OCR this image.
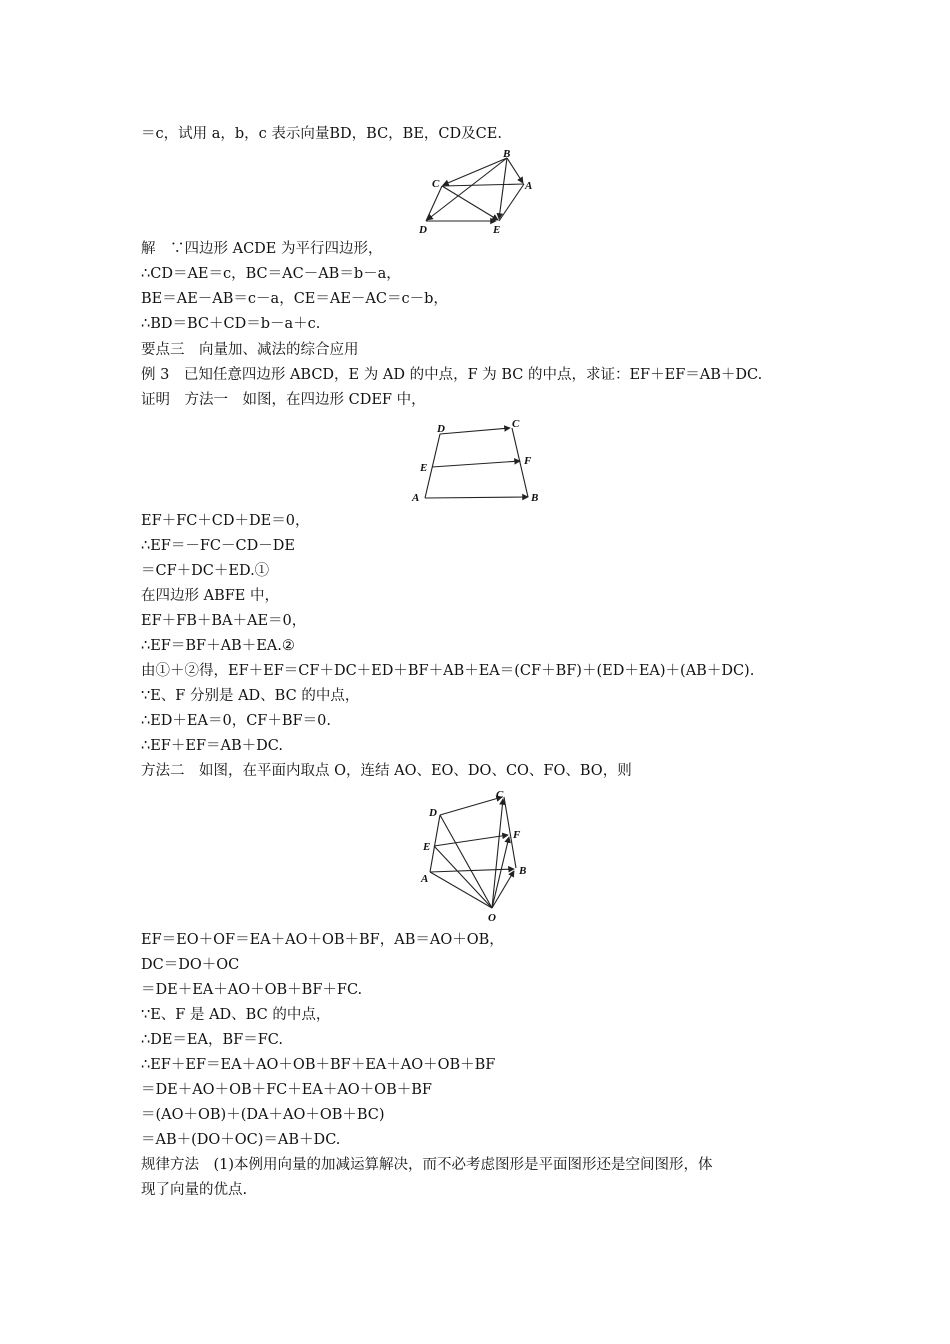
＝c，试用 a，b，c 表示向量BD，BC，BE，CD及CE.
B
C	A
D	E
解　∵四边形 ACDE 为平行四边形，
∴CD＝AE＝c，BC＝AC－AB＝b－a，
BE＝AE－AB＝c－a，CE＝AE－AC＝c－b，
∴BD＝BC＋CD＝b－a＋c.
要点三　向量加、减法的综合应用
例 3　已知任意四边形 ABCD，E 为 AD 的中点，F 为 BC 的中点，求证：EF＋EF＝AB＋DC.
证明　方法一　如图，在四边形 CDEF 中，
D	C
E
F
A	B
EF＋FC＋CD＋DE＝0，
∴EF＝－FC－CD－DE
＝CF＋DC＋ED.①
在四边形 ABFE 中，
EF＋FB＋BA＋AE＝0，
∴EF＝BF＋AB＋EA.②
由①＋②得，EF＋EF＝CF＋DC＋ED＋BF＋AB＋EA＝(CF＋BF)＋(ED＋EA)＋(AB＋DC).
∵E、F 分别是 AD、BC 的中点，
∴ED＋EA＝0，CF＋BF＝0.
∴EF＋EF＝AB＋DC.
方法二　如图，在平面内取点 O，连结 AO、EO、DO、CO、FO、BO，则
D
C
F
E
B
A
O
EF＝EO＋OF＝EA＋AO＋OB＋BF，AB＝AO＋OB，
DC＝DO＋OC
＝DE＋EA＋AO＋OB＋BF＋FC.
∵E、F 是 AD、BC 的中点，
∴DE＝EA，BF＝FC.
∴EF＋EF＝EA＋AO＋OB＋BF＋EA＋AO＋OB＋BF
＝DE＋AO＋OB＋FC＋EA＋AO＋OB＋BF
＝(AO＋OB)＋(DA＋AO＋OB＋BC)
＝AB＋(DO＋OC)＝AB＋DC.
规律方法　(1)本例用向量的加减运算解决，而不必考虑图形是平面图形还是空间图形，体
现了向量的优点.
